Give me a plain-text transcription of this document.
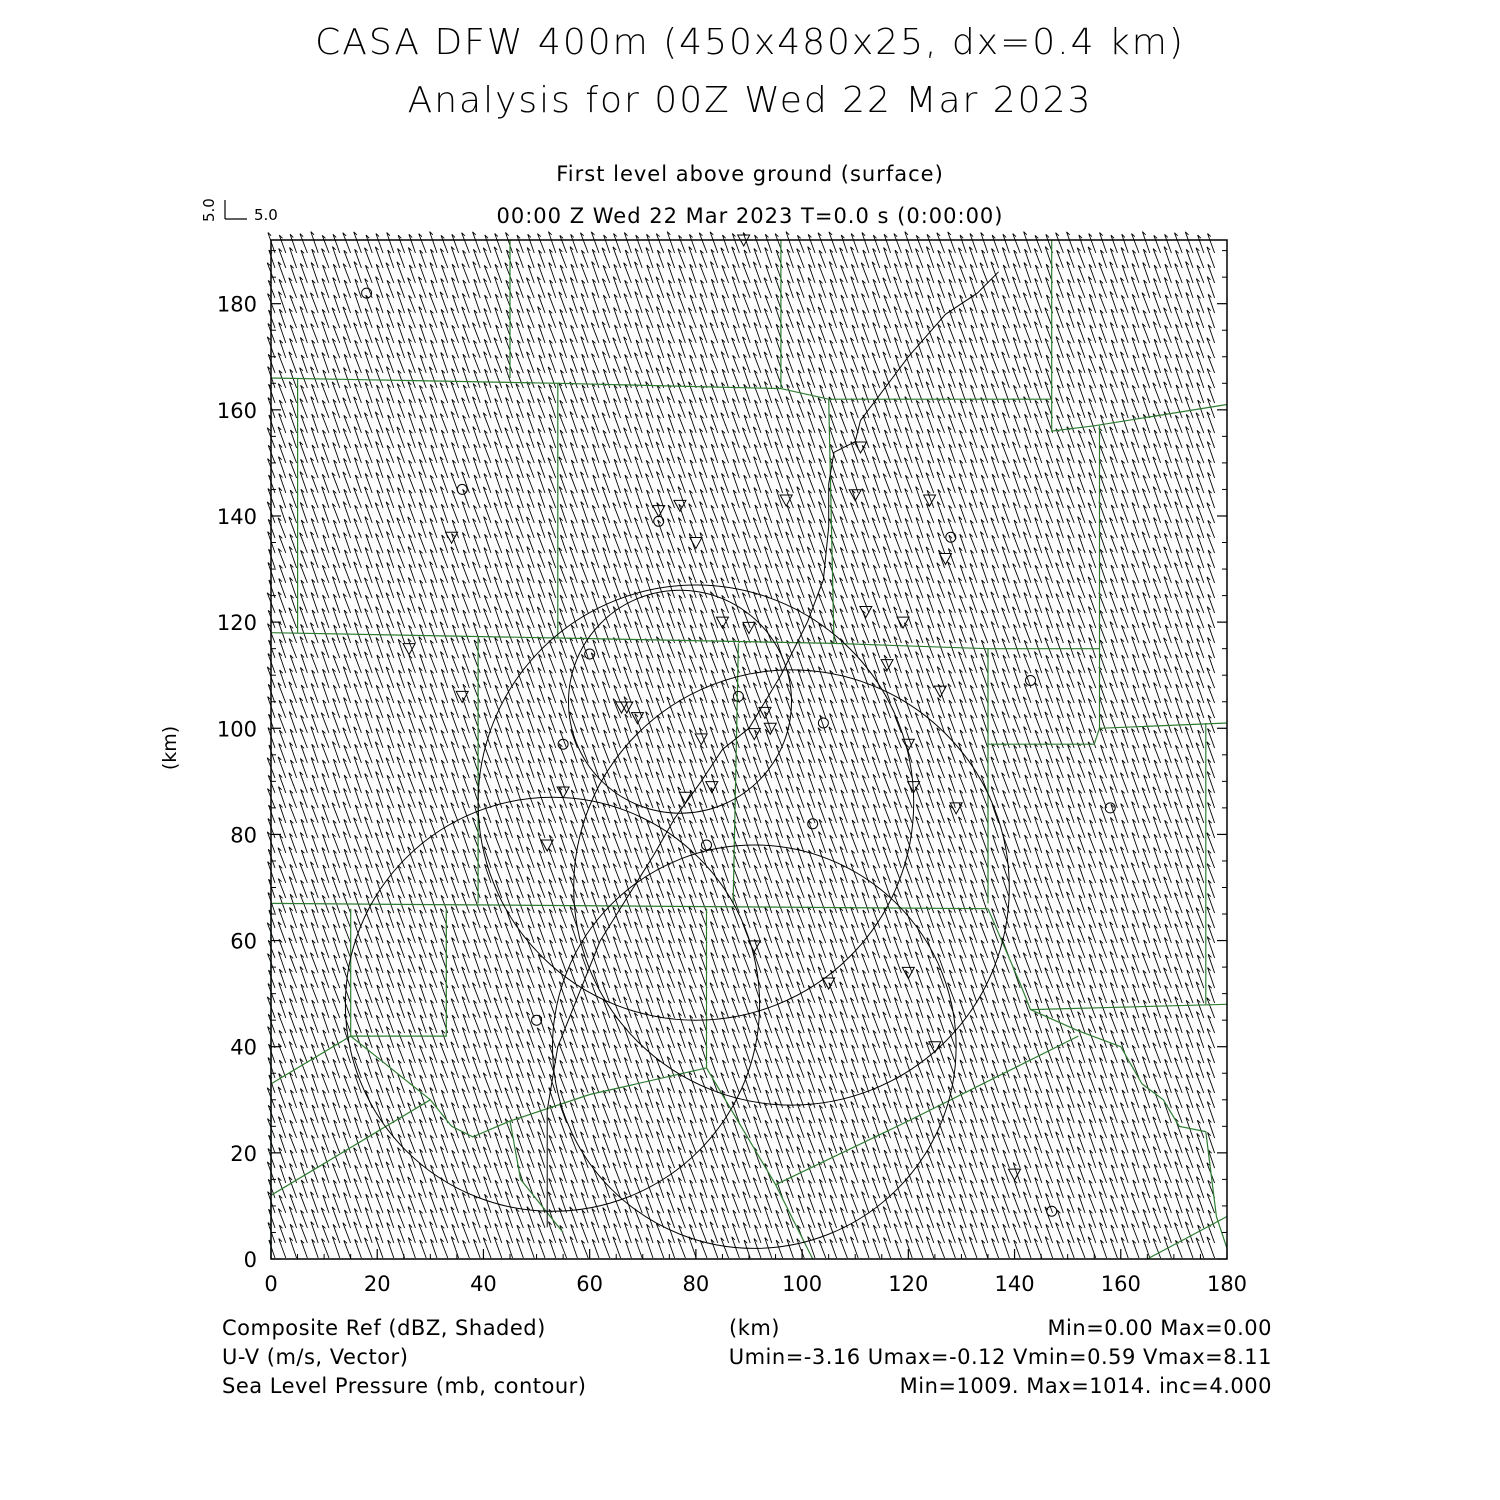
CASA DFW 400m (450x480x25, dx=0.4 km)
Analysis for 00Z Wed 22 Mar 2023
First level above ground (surface)
00:00 Z Wed 22 Mar 2023 T=0.0 s (0:00:00)
0	20	40	60	80	100	120	140	160	180
0
20
40
60
80
100
120
140
160
180
5.0
5.0
(km)
Composite Ref (dBZ, Shaded)	(km)	Min=0.00 Max=0.00
U-V (m/s, Vector)	Umin=-3.16 Umax=-0.12 Vmin=0.59 Vmax=8.11
Sea Level Pressure (mb, contour)	Min=1009. Max=1014. inc=4.000
